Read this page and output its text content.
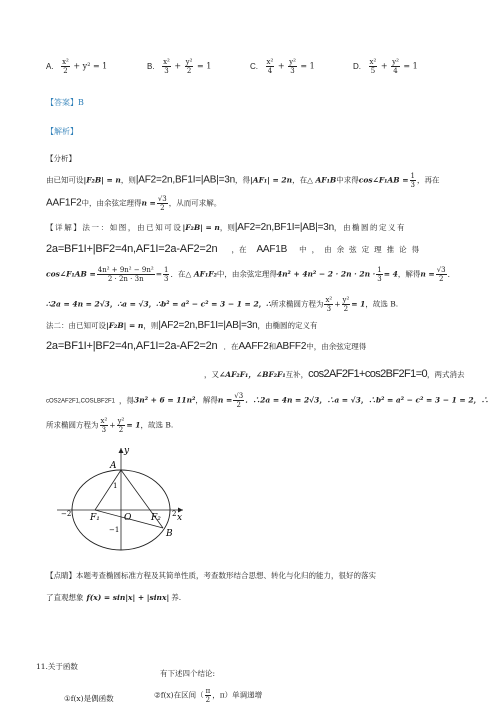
A. $\frac{\text{x²}}{2} + y^2 = 1$	B. $\frac{\text{x²}}{3} + \frac{\text{y²}}{2} = 1$	C. $\frac{\text{x²}}{4} + \frac{\text{y²}}{3} = 1$	D. $\frac{\text{x²}}{5} + \frac{\text{y²}}{4} = 1$
【答案】B
【解析】
【分析】
由已知可设|F₂B| = n，则|AF2=2n,BF1I=|AB|=3n，得|AF₁| = 2n，在△ AF₁B中求得cos∠F₁AB = $\frac{1}{3}$ ，再在
AAF1F2中，由余弦定理得$n = \frac{√3}{2}$ ，从而可求解。
【详解】法一：如图，由已知可设|F₂B| = n，则|AF2=2n,BF1I=|AB|=3n，由椭圆的定义有
2a=BF1I+|BF2=4n,AF1I=2a-AF2=2n ，在 AAF1B 中，由余弦定理推论得
cos∠F₁AB = $\frac{\text{4n² + 9n² − 9n²}}{2 \cdot 2n \cdot 3n} = \frac{1}{3}$ ．在△ AF₁F₂中，由余弦定理得$4n^2 + 4n^2 - 2 \cdot 2n \cdot 2n \cdot \frac{1}{3} = 4$，解得$n = \frac{√3}{2}$ ．
∴2a = 4n = 2√3，∴a = √3，∴b² = a² − c² = 3 − 1 = 2，∴所求椭圆方程为 $\frac{\text{x²}}{3} + \frac{\text{y²}}{2} = 1$，故选 B.
法二：由已知可设|F₂B| = n，则|AF2=2n,BF1I=|AB|=3n，由椭圆的定义有
2a=BF1I+|BF2=4n,AF1I=2a-AF2=2n ．在AAFF2和ABFF2中，由余弦定理得
，又∠AF₂F₁，∠BF₂F₁互补，cos2AF2F1+cos2BF2F1=0，两式消去
cOS2AF2F1,COSLBF2F1 ，得3n² + 6 = 11n²，解得$n = \frac{√3}{2}$ ．∴2a = 4n = 2√3，∴a = √3，∴b² = a² − c² = 3 − 1 = 2，∴
所求椭圆方程为 $\frac{\text{x²}}{3} + \frac{\text{y²}}{2} = 1$，故选 B.
y
A
1
F₁	O F₂
B
x
−1
−2	2
【点睛】本题考查椭圆标准方程及其简单性质，考查数形结合思想、转化与化归的能力，很好的落实
了直观想象 f(x) = sin|x| + |sinx| 养.
11.关于函数
有下述四个结论:
①f(x)是偶函数	②f(x)在区间（ $\frac{\pi}{2}$ ，π）单调递增
